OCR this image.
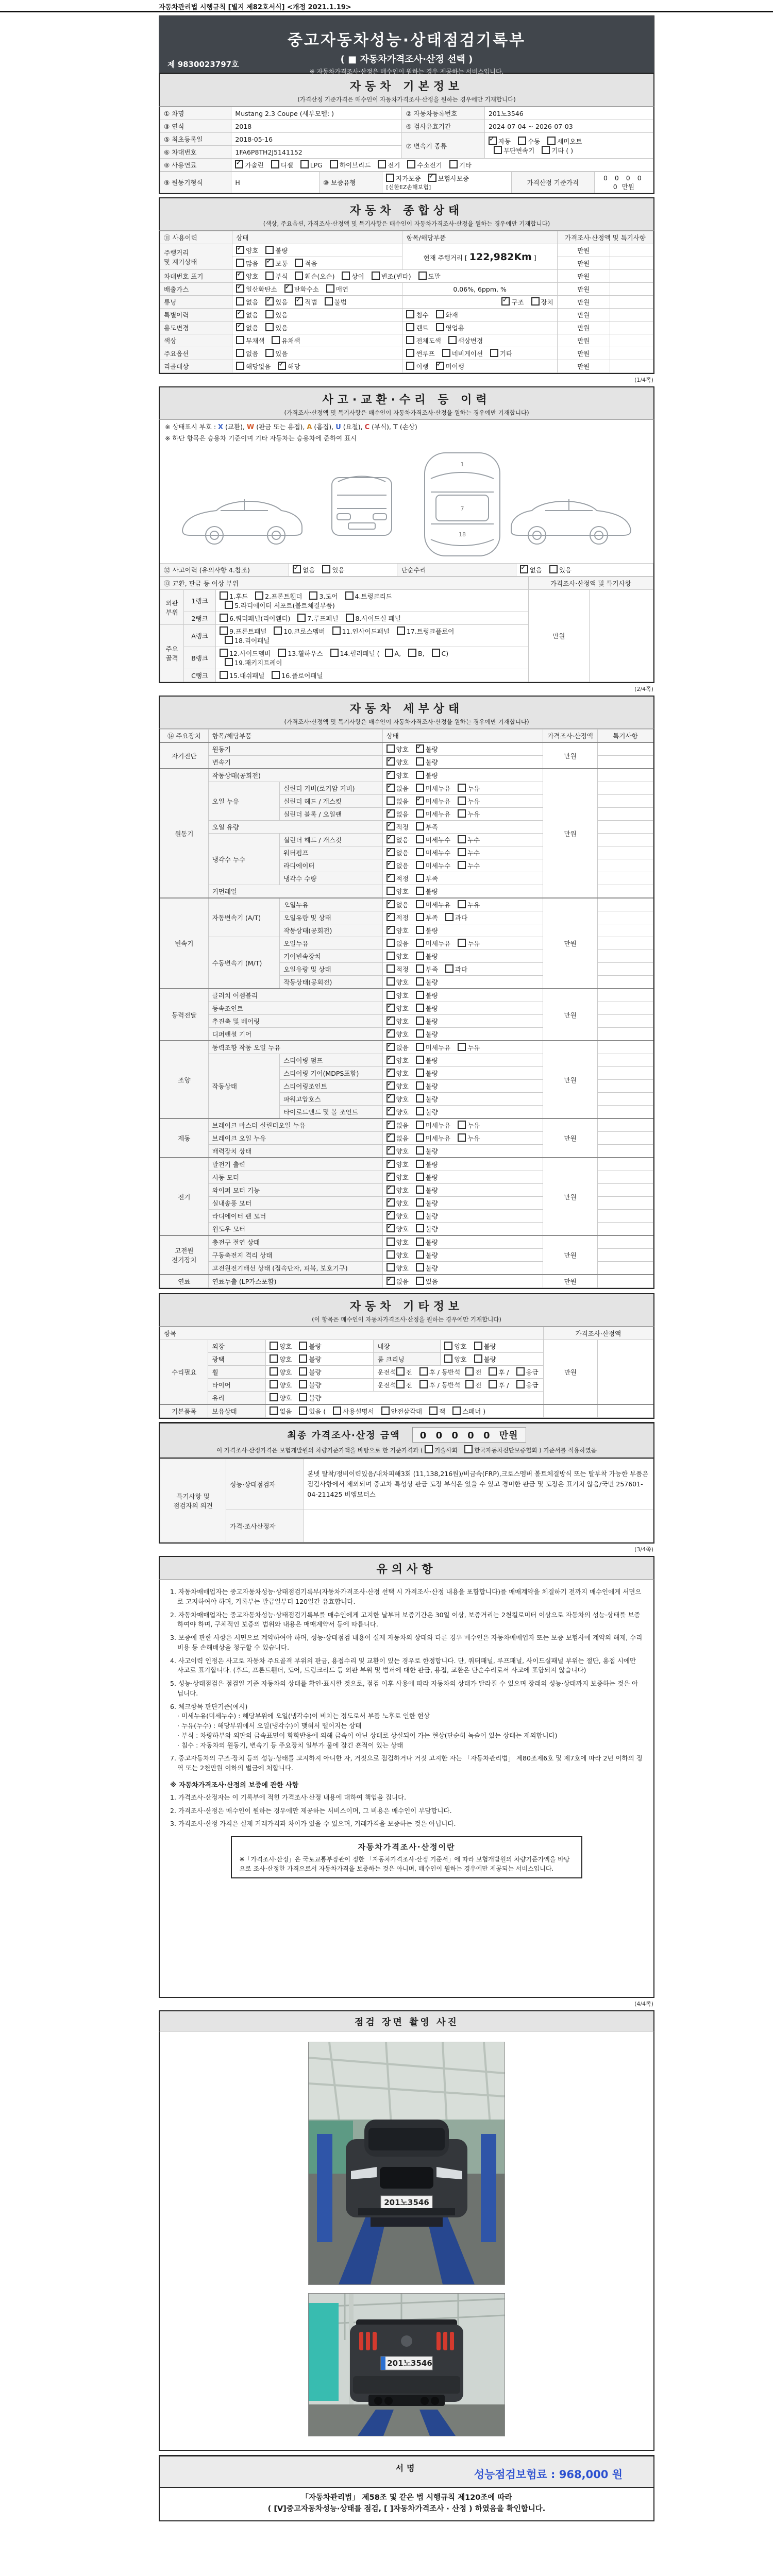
자동차관리법 시행규칙 [별지 제82호서식] <개정 2021.1.19>
중고자동차성능·상태점검기록부
( ■ 자동차가격조사·산정 선택 )
※ 자동차가격조사·산정은 매수인이 원하는 경우 제공하는 서비스입니다.
제 9830023797호
자동차 기본정보
(가격산정 기준가격은 매수인이 자동차가격조사·산정을 원하는 경우에만 기재합니다)
① 차명	Mustang 2.3 Coupe (세부모델: )	② 자동차등록번호	201노3546
③ 연식	2018	④ 검사유효기간	2024-07-04 ~ 2026-07-03
⑤ 최초등록일	2018-05-16	⑦ 변속기 종류	✓자동 수동 세미오토
무단변속기 기타 ( )
⑥ 차대번호	1FA6P8TH2J5141152		
⑧ 사용연료	✓가솔린 디젤 LPG 하이브리드 전기 수소전기 기타
⑨ 원동기형식	H	⑩ 보증유형	자가보증 ✓보험사보증 [신한EZ손해보험]	가격산정 기준가격	0 0 0 0 0 만원
자동차 종합상태
(색상, 주요옵션, 가격조사·산정액 및 특기사항은 매수인이 자동차가격조사·산정을 원하는 경우에만 기재합니다)
⑪ 사용이력	상태	항목/해당부품	가격조사·산정액 및 특기사항	
주행거리
및 계기상태	✓양호 불량	현재 주행거리 [ 122,982Km ]	만원	
	많음 ✓보통 적음		만원	
차대번호 표기	✓양호 부식 훼손(오손) 상이 변조(변타) 도말		만원	
배출가스	✓일산화탄소 ✓탄화수소 매연	0.06%, 6ppm, %	만원	
튜닝	없음 ✓있음 ✓적법 불법	✓구조 장치	만원	
특별이력	✓없음 있음	침수 화재	만원	
용도변경	✓없음 있음	렌트 영업용	만원	
색상	무채색 유채색	전체도색 색상변경	만원	
주요옵션	없음 있음	썬루프 네비게이션 기타	만원	
리콜대상	해당없음 ✓해당	이행 ✓미이행	만원	
(1/4쪽)
사고·교환·수리 등 이력
(가격조사·산정액 및 특기사항은 매수인이 자동차가격조사·산정을 원하는 경우에만 기재합니다)
※ 상태표시 부호 : X (교환), W (판금 또는 용접), A (흠집), U (요철), C (부식), T (손상)
※ 하단 항목은 승용차 기준이며 기타 자동차는 승용차에 준하여 표시
1
7
18
⑫ 사고이력 (유의사항 4.참조)	✓없음 있음	단순수리	✓없음 있음
⑬ 교환, 판금 등 이상 부위			가격조사·산정액 및 특기사항	
외판
부위	1랭크	1.후드 2.프론트휀더 3.도어 4.트렁크리드
5.라디에이터 서포트(볼트체결부품)	만원	
	2랭크	6.쿼터패널(리어휀더) 7.루프패널 8.사이드실 패널		
주요
골격	A랭크	9.프론트패널 10.크로스멤버 11.인사이드패널 17.트렁크플로어
18.리어패널		
	B랭크	12.사이드멤버 13.휠하우스 14.필러패널 ( A, B, C)
19.패키지트레이		
	C랭크	15.대쉬패널 16.플로어패널		
(2/4쪽)
자동차 세부상태
(가격조사·산정액 및 특기사항은 매수인이 자동차가격조사·산정을 원하는 경우에만 기재합니다)
⑭ 주요장치	항목/해당부품		상태	가격조사·산정액	특기사항
자기진단	원동기		양호 ✓불량	만원	
	변속기	✓양호 불량	
원동기	작동상태(공회전)	✓양호 불량	만원	
	오일 누유	실린더 커버(로커암 커버)	✓없음 미세누유 누유	
		실린더 헤드 / 개스킷	없음 ✓미세누유 누유	
		실린더 블록 / 오일팬	✓없음 미세누유 누유	
	오일 유량	✓적정 부족	
	냉각수 누수	실린더 헤드 / 개스킷	✓없음 미세누수 누수	
		워터펌프	✓없음 미세누수 누수	
		라디에이터	✓없음 미세누수 누수	
		냉각수 수량	✓적정 부족	
	커먼레일		양호 불량		
변속기	자동변속기 (A/T)	오일누유	✓없음 미세누유 누유	만원	
		오일유량 및 상태	✓적정 부족 과다	
		작동상태(공회전)	✓양호 불량	
	수동변속기 (M/T)	오일누유	없음 미세누유 누유		
		기어변속장치	양호 불량		
		오일유량 및 상태	적정 부족 과다		
		작동상태(공회전)	양호 불량		
동력전달	클러치 어셈블리		양호 불량	만원	
	등속조인트	✓양호 불량	
	추진축 및 베어링	✓양호 불량	
	디퍼렌셜 기어	✓양호 불량	
조향	동력조향 작동 오일 누유	✓없음 미세누유 누유	만원	
	작동상태	스티어링 펌프	✓양호 불량	
		스티어링 기어(MDPS포함)	✓양호 불량	
		스티어링조인트	✓양호 불량	
		파워고압호스	✓양호 불량	
		타이로드엔드 및 볼 조인트	✓양호 불량	
제동	브레이크 마스터 실린더오일 누유	✓없음 미세누유 누유	만원	
	브레이크 오일 누유	✓없음 미세누유 누유	
	배력장치 상태	✓양호 불량	
전기	발전기 출력	✓양호 불량	만원	
	시동 모터	✓양호 불량	
	와이퍼 모터 기능	✓양호 불량	
	실내송풍 모터	✓양호 불량	
	라디에이터 팬 모터	✓양호 불량	
	윈도우 모터	✓양호 불량	
고전원
전기장치	충전구 절연 상태		양호 불량	만원	
	구동축전지 격리 상태		양호 불량		
	고전원전기배선 상태 (접속단자, 피복, 보호기구)		양호 불량		
연료	연료누출 (LP가스포함)	✓없음 있음	만원	
자동차 기타정보
(이 항목은 매수인이 자동차가격조사·산정을 원하는 경우에만 기재합니다)
항목					가격조사·산정액	
수리필요	외장	양호 불량	내장	양호 불량	만원	
	광택	양호 불량	룸 크리닝	양호 불량		
	휠	양호 불량	운전석 전 후 / 동반석 전 후 / 응급			
	타이어	양호 불량	운전석 전 후 / 동반석 전 후 / 응급			
	유리	양호 불량				
기본품목	보유상태	없음 있음 ( 사용설명서 안전삼각대 잭 스패너 )				
최종 가격조사·산정 금액 0 0 0 0 0 만원
이 가격조사·산정가격은 보험개발원의 차량기준가액을 바탕으로 한 기준가격과 ( 기술사회	한국자동차진단보증협회 ) 기준서를 적용하였음
특기사항 및 점검자의 의견	성능·상태점검자	본넷 탈착/정비이력있음/내차피해3회 (11,138,216원)/비금속(FRP),크로스멤버 볼트체결방식 또는 탈부착 가능한 부품은 점검사항에서 제외되며 중고차 특성상 판금 도장 부식은 있을 수 있고 경미한 판금 및 도장은 표기치 않음/국민 257601-04-211425 비엠모터스
	가격·조사산정자	
(3/4쪽)
유의사항
1. 자동차매매업자는 중고자동차성능·상태점검기록부(자동차가격조사·산정 선택 시 가격조사·산정 내용을 포함합니다)를 매매계약을 체결하기 전까지 매수인에게 서면으로 고지하여야 하며, 기록부는 발급일부터 120일간 유효합니다.
2. 자동차매매업자는 중고자동차성능·상태점검기록부를 매수인에게 고지한 날부터 보증기간은 30일 이상, 보증거리는 2천킬로미터 이상으로 자동차의 성능·상태를 보증하여야 하며, 구체적인 보증의 범위와 내용은 매매계약서 등에 따릅니다.
3. 보증에 관한 사항은 서면으로 계약하여야 하며, 성능·상태점검 내용이 실제 자동차의 상태와 다른 경우 매수인은 자동차매매업자 또는 보증 보험사에 계약의 해제, 수리비용 등 손해배상을 청구할 수 있습니다.
4. 사고이력 인정은 사고로 자동차 주요골격 부위의 판금, 용접수리 및 교환이 있는 경우로 한정합니다. 단, 쿼터패널, 루프패널, 사이드실패널 부위는 절단, 용접 시에만 사고로 표기합니다. (후드, 프론트휀더, 도어, 트렁크리드 등 외판 부위 및 범퍼에 대한 판금, 용접, 교환은 단순수리로서 사고에 포함되지 않습니다)
5. 성능·상태점검은 점검일 기준 자동차의 상태를 확인·표시한 것으로, 점검 이후 사용에 따라 자동차의 상태가 달라질 수 있으며 장래의 성능·상태까지 보증하는 것은 아닙니다.
6. 체크항목 판단기준(예시)
· 미세누유(미세누수) : 해당부위에 오일(냉각수)이 비치는 정도로서 부품 노후로 인한 현상
· 누유(누수) : 해당부위에서 오일(냉각수)이 맺혀서 떨어지는 상태
· 부식 : 차량하부와 외판의 금속표면이 화학반응에 의해 금속이 아닌 상태로 상실되어 가는 현상(단순히 녹슬어 있는 상태는 제외합니다)
· 침수 : 자동차의 원동기, 변속기 등 주요장치 일부가 물에 잠긴 흔적이 있는 상태
7. 중고자동차의 구조·장치 등의 성능·상태를 고지하지 아니한 자, 거짓으로 점검하거나 거짓 고지한 자는 「자동차관리법」 제80조제6호 및 제7호에 따라 2년 이하의 징역 또는 2천만원 이하의 벌금에 처합니다.
※ 자동차가격조사·산정의 보증에 관한 사항
1. 가격조사·산정자는 이 기록부에 적힌 가격조사·산정 내용에 대하여 책임을 집니다.
2. 가격조사·산정은 매수인이 원하는 경우에만 제공하는 서비스이며, 그 비용은 매수인이 부담합니다.
3. 가격조사·산정 가격은 실제 거래가격과 차이가 있을 수 있으며, 거래가격을 보증하는 것은 아닙니다.
자동차가격조사·산정이란
※「가격조사·산정」은 국토교통부장관이 정한 「자동차가격조사·산정 기준서」에 따라 보험개발원의 차량기준가액을 바탕으로 조사·산정한 가격으로서 자동차가격을 보증하는 것은 아니며, 매수인이 원하는 경우에만 제공되는 서비스입니다.
(4/4쪽)
점검 장면 촬영 사진
201노3546

201노3546
서명
성능점검보험료 : 968,000 원
「자동차관리법」 제58조 및 같은 법 시행규칙 제120조에 따라
( [V]중고자동차성능·상태를 점검, [ ]자동차가격조사 · 산정 ) 하였음을 확인합니다.
